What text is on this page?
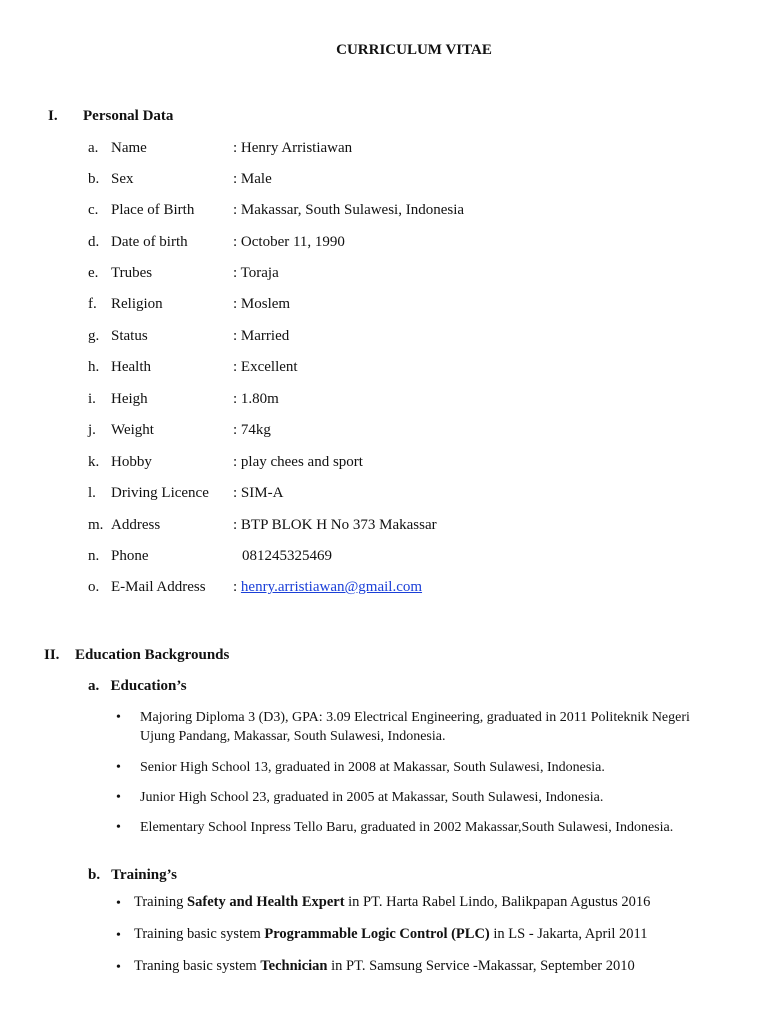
CURRICULUM VITAE
I. Personal Data
a. Name	: Henry Arristiawan
b. Sex	: Male
c. Place of Birth	: Makassar, South Sulawesi, Indonesia
d. Date of birth	: October 11, 1990
e. Trubes	: Toraja
f. Religion	: Moslem
g. Status	: Married
h. Health	: Excellent
i. Heigh	: 1.80m
j. Weight	: 74kg
k. Hobby	: play chees and sport
l. Driving Licence : SIM-A
m. Address	: BTP BLOK H No 373 Makassar
n. Phone	081245325469
o. E-Mail Address : henry.arristiawan@gmail.com
II. Education Backgrounds
a.   Education’s
• Majoring Diploma 3 (D3), GPA: 3.09 Electrical Engineering, graduated in 2011 Politeknik Negeri Ujung Pandang, Makassar, South Sulawesi, Indonesia.
• Senior High School 13, graduated in 2008 at Makassar, South Sulawesi, Indonesia.
• Junior High School 23, graduated in 2005 at Makassar, South Sulawesi, Indonesia.
• Elementary School Inpress Tello Baru, graduated in 2002 Makassar,South Sulawesi, Indonesia.
b.   Training’s
• Training Safety and Health Expert in PT. Harta Rabel Lindo, Balikpapan Agustus 2016
• Training basic system Programmable Logic Control (PLC) in LS - Jakarta, April 2011
• Traning basic system Technician in PT. Samsung Service -Makassar, September 2010
